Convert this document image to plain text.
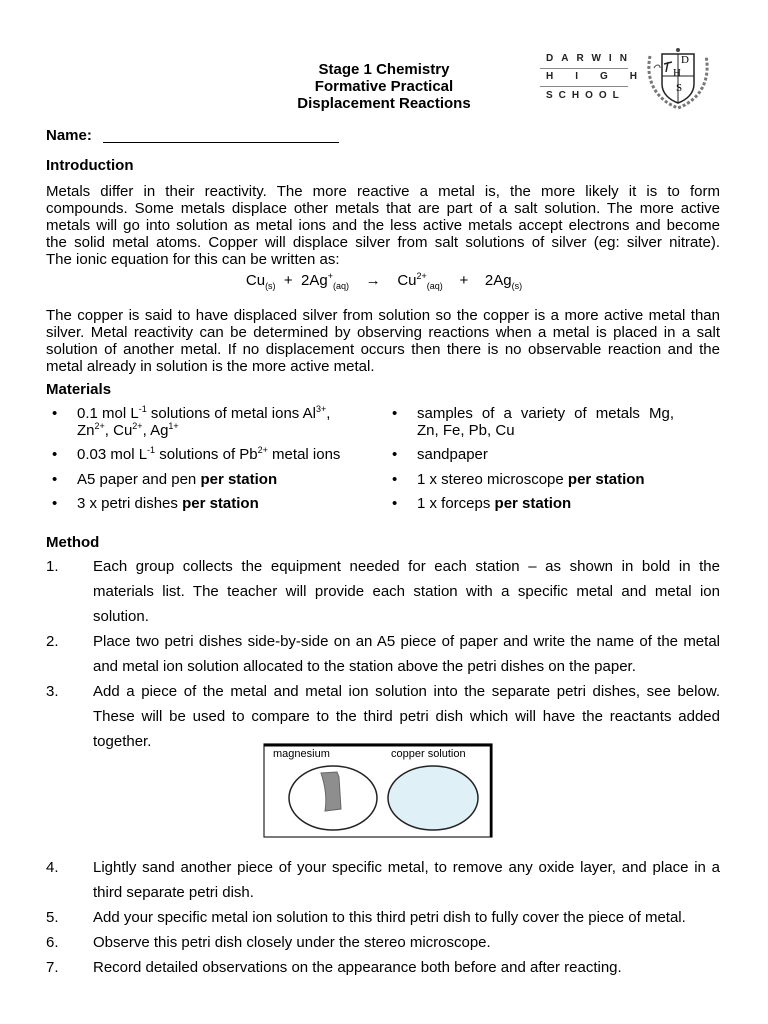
Stage 1 Chemistry
Formative Practical
Displacement Reactions
DARWIN
HIGH
SCHOOL
D
H
S
Name:
Introduction

Metals differ in their reactivity. The more reactive a metal is, the more likely it is to form

compounds. Some metals displace other metals that are part of a salt solution. The more active

metals will go into solution as metal ions and the less active metals accept electrons and become

the solid metal atoms. Copper will displace silver from salt solutions of silver (eg: silver nitrate).

The ionic equation for this can be written as:

$Cu_{(s)} + 2Ag^+_{(aq)} \to Cu^{2+}_{(aq)} + 2Ag_{(s)}$

The copper is said to have displaced silver from solution so the copper is a more active metal than

silver. Metal reactivity can be determined by observing reactions when a metal is placed in a salt

solution of another metal. If no displacement occurs then there is no observable reaction and the

metal already in solution is the more active metal.

Materials
• 0.1 mol $L^{-1}$ solutions of metal ions $Al^{3+}$,
$Zn^{2+}$, $Cu^{2+}$, $Ag^{1+}$
• 0.03 mol $L^{-1}$ solutions of $Pb^{2+}$ metal ions
• A5 paper and pen per station
• 3 x petri dishes per station
• samples of a variety of metals Mg,
Zn, Fe, Pb, Cu
• sandpaper
• 1 x stereo microscope per station
• 1 x forceps per station
Method
1. Each group collects the equipment needed for each station – as shown in bold in the
materials list. The teacher will provide each station with a specific metal and metal ion
solution.
2. Place two petri dishes side-by-side on an A5 piece of paper and write the name of the metal
and metal ion solution allocated to the station above the petri dishes on the paper.
3. Add a piece of the metal and metal ion solution into the separate petri dishes, see below.
These will be used to compare to the third petri dish which will have the reactants added
together.
magnesium	copper solution
4. Lightly sand another piece of your specific metal, to remove any oxide layer, and place in a
third separate petri dish.
5. Add your specific metal ion solution to this third petri dish to fully cover the piece of metal.
6. Observe this petri dish closely under the stereo microscope.
7. Record detailed observations on the appearance both before and after reacting.
